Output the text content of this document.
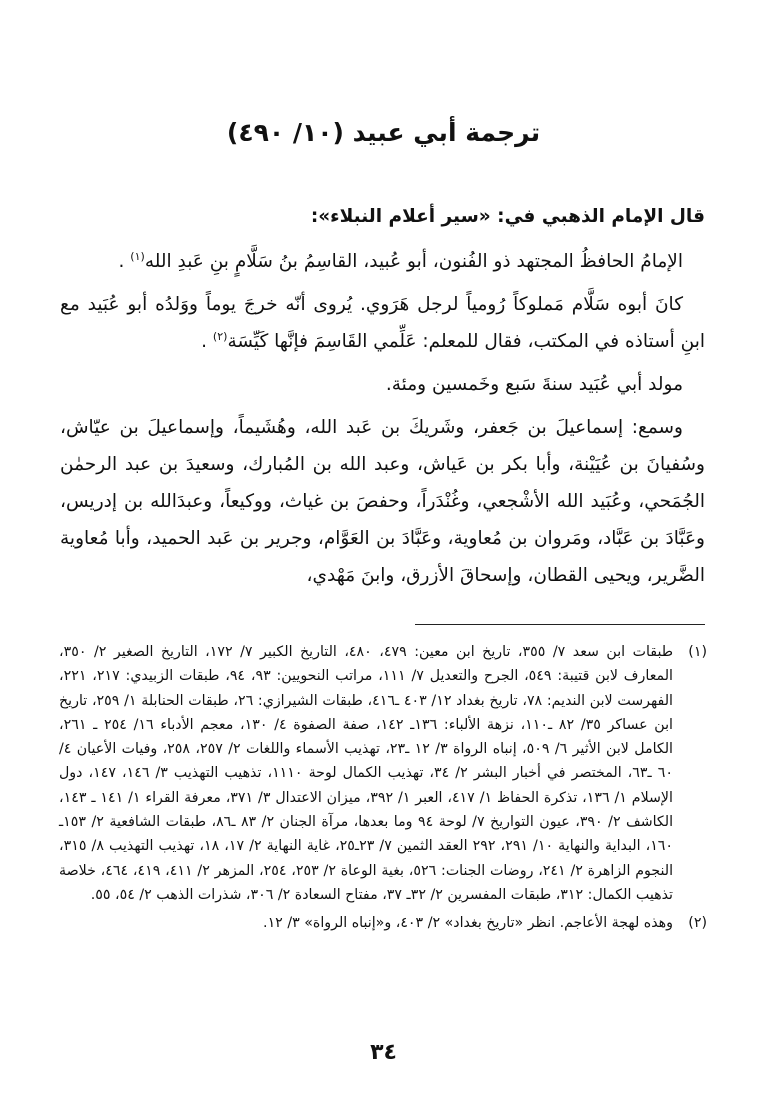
ترجمة أبي عبيد (١٠/ ٤٩٠)

قال الإمام الذهبي في: «سير أعلام النبلاء»:

الإمامُ الحافظُ المجتهد ذو الفُنون، أبو عُبيد، القاسِمُ بنُ سَلَّامٍ بنِ عَبدِ الله$^{(١)}$ .

كانَ أبوه سَلَّام مَملوكاً رُومياً لرجل هَرَوي. يُروى أنّه خرجَ يوماً ووَلدُه أبو عُبَيد مع ابنِ أستاذه في المكتب، فقال للمعلم: عَلِّمي القَاسِمَ فإنَّها كَيِّسَة$^{(٢)}$ .

مولد أبي عُبَيد سنةَ سَبع وخَمسين ومئة.

وسمع: إسماعيلَ بن جَعفر، وشَريكَ بن عَبد الله، وهُشَيماً، وإسماعيلَ بن عيّاش، وسُفيانَ بن عُيَيْنة، وأبا بكر بن عَياش، وعبد الله بن المُبارك، وسعيدَ بن عبد الرحمٰن الجُمَحي، وعُبَيد الله الأشْجعي، وغُنْدَراً، وحفصَ بن غياث، ووكيعاً، وعبدَالله بن إدريس، وعَبَّادَ بن عَبَّاد، ومَروان بن مُعاوية، وعَبَّادَ بن العَوَّام، وجرير بن عَبد الحميد، وأبا مُعاوية الضَّرير، ويحيى القطان، وإسحاقَ الأزرق، وابنَ مَهْدي،

(١)
طبقات ابن سعد ٧/ ٣٥٥، تاريخ ابن معين: ٤٧٩، ٤٨٠، التاريخ الكبير ٧/ ١٧٢، التاريخ الصغير ٢/ ٣٥٠، المعارف لابن قتيبة: ٥٤٩، الجرح والتعديل ٧/ ١١١، مراتب النحويين: ٩٣، ٩٤، طبقات الزبيدي: ٢١٧، ٢٢١، الفهرست لابن النديم: ٧٨، تاريخ بغداد ١٢/ ٤٠٣ ـ٤١٦، طبقات الشيرازي: ٢٦، طبقات الحنابلة ١/ ٢٥٩، تاريخ ابن عساكر ٣٥/ ٨٢ ـ١١٠، نزهة الألباء: ١٣٦ـ ١٤٢، صفة الصفوة ٤/ ١٣٠، معجم الأدباء ١٦/ ٢٥٤ ـ ٢٦١، الكامل لابن الأثير ٦/ ٥٠٩، إنباه الرواة ٣/ ١٢ ـ٢٣، تهذيب الأسماء واللغات ٢/ ٢٥٧، ٢٥٨، وفيات الأعيان ٤/ ٦٠ ـ٦٣، المختصر في أخبار البشر ٢/ ٣٤، تهذيب الكمال لوحة ١١١٠، تذهيب التهذيب ٣/ ١٤٦، ١٤٧، دول الإسلام ١/ ١٣٦، تذكرة الحفاظ ١/ ٤١٧، العبر ١/ ٣٩٢، ميزان الاعتدال ٣/ ٣٧١، معرفة القراء ١/ ١٤١ ـ ١٤٣، الكاشف ٢/ ٣٩٠، عيون التواريخ ٧/ لوحة ٩٤ وما بعدها، مرآة الجنان ٢/ ٨٣ ـ٨٦، طبقات الشافعية ٢/ ١٥٣ـ ١٦٠، البداية والنهاية ١٠/ ٢٩١، ٢٩٢ العقد الثمين ٧/ ٢٣ـ٢٥، غاية النهاية ٢/ ١٧، ١٨، تهذيب التهذيب ٨/ ٣١٥، النجوم الزاهرة ٢/ ٢٤١، روضات الجنات: ٥٢٦، بغية الوعاة ٢/ ٢٥٣، ٢٥٤، المزهر ٢/ ٤١١، ٤١٩، ٤٦٤، خلاصة تذهيب الكمال: ٣١٢، طبقات المفسرين ٢/ ٣٢ـ ٣٧، مفتاح السعادة ٢/ ٣٠٦، شذرات الذهب ٢/ ٥٤، ٥٥.
(٢)
وهذه لهجة الأعاجم. انظر «تاريخ بغداد» ٢/ ٤٠٣، و«إنباه الرواة» ٣/ ١٢.
٣٤
